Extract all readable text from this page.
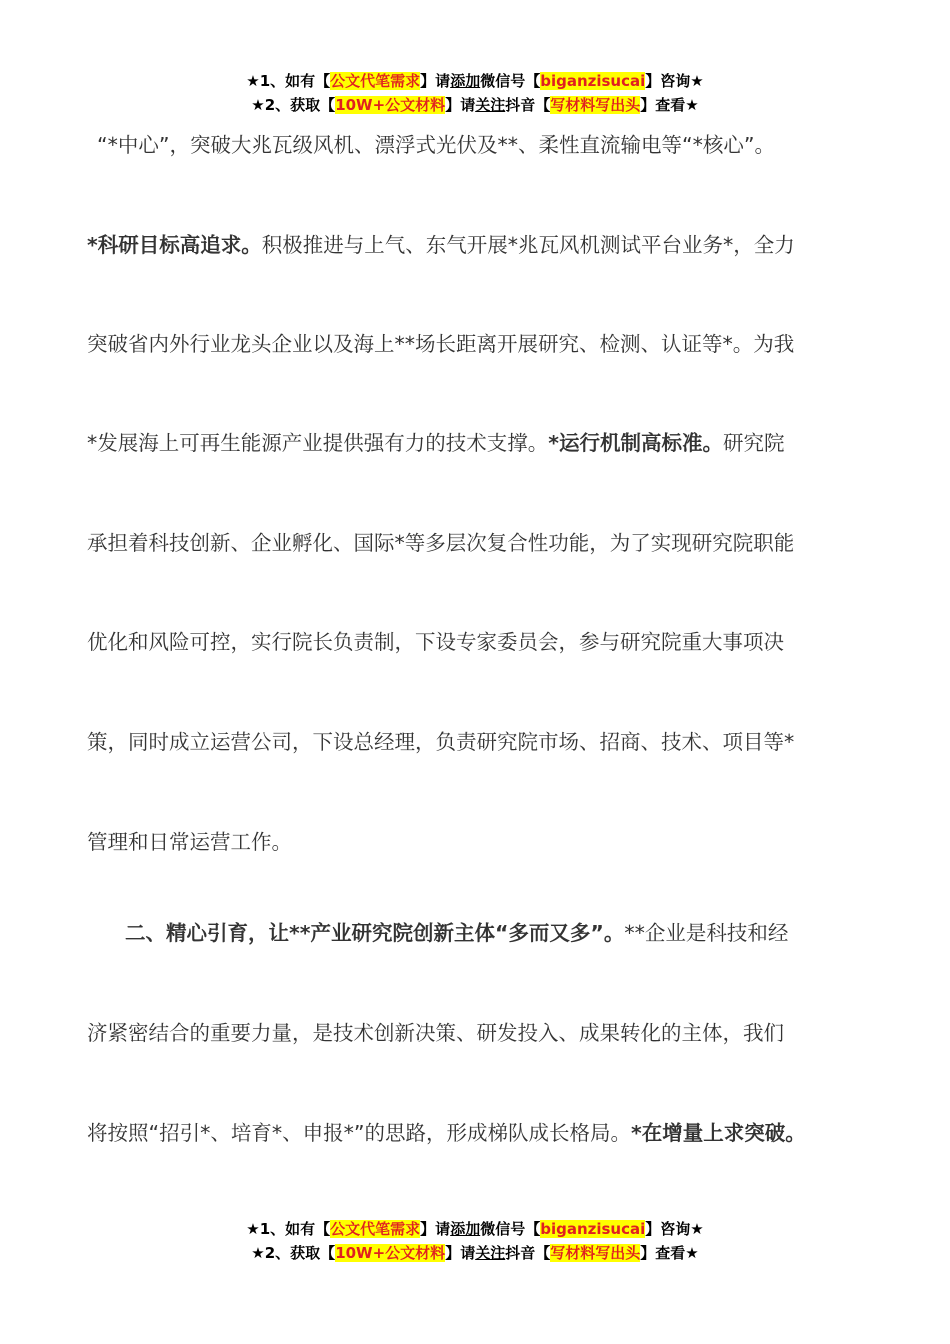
★1、如有【公文代笔需求】请添加微信号【biganzisucai】咨询★
★2、获取【10W+公文材料】请关注抖音【写材料写出头】查看★
“*中心”，突破大兆瓦级风机、漂浮式光伏及**、柔性直流输电等“*核心”。
*科研目标高追求。积极推进与上气、东气开展*兆瓦风机测试平台业务*，全力
突破省内外行业龙头企业以及海上**场长距离开展研究、检测、认证等*。为我
*发展海上可再生能源产业提供强有力的技术支撑。*运行机制高标准。研究院
承担着科技创新、企业孵化、国际*等多层次复合性功能，为了实现研究院职能
优化和风险可控，实行院长负责制，下设专家委员会，参与研究院重大事项决
策，同时成立运营公司，下设总经理，负责研究院市场、招商、技术、项目等*
管理和日常运营工作。
二、精心引育，让**产业研究院创新主体“多而又多”。**企业是科技和经
济紧密结合的重要力量，是技术创新决策、研发投入、成果转化的主体，我们
将按照“招引*、培育*、申报*”的思路，形成梯队成长格局。*在增量上求突破。
★1、如有【公文代笔需求】请添加微信号【biganzisucai】咨询★
★2、获取【10W+公文材料】请关注抖音【写材料写出头】查看★
